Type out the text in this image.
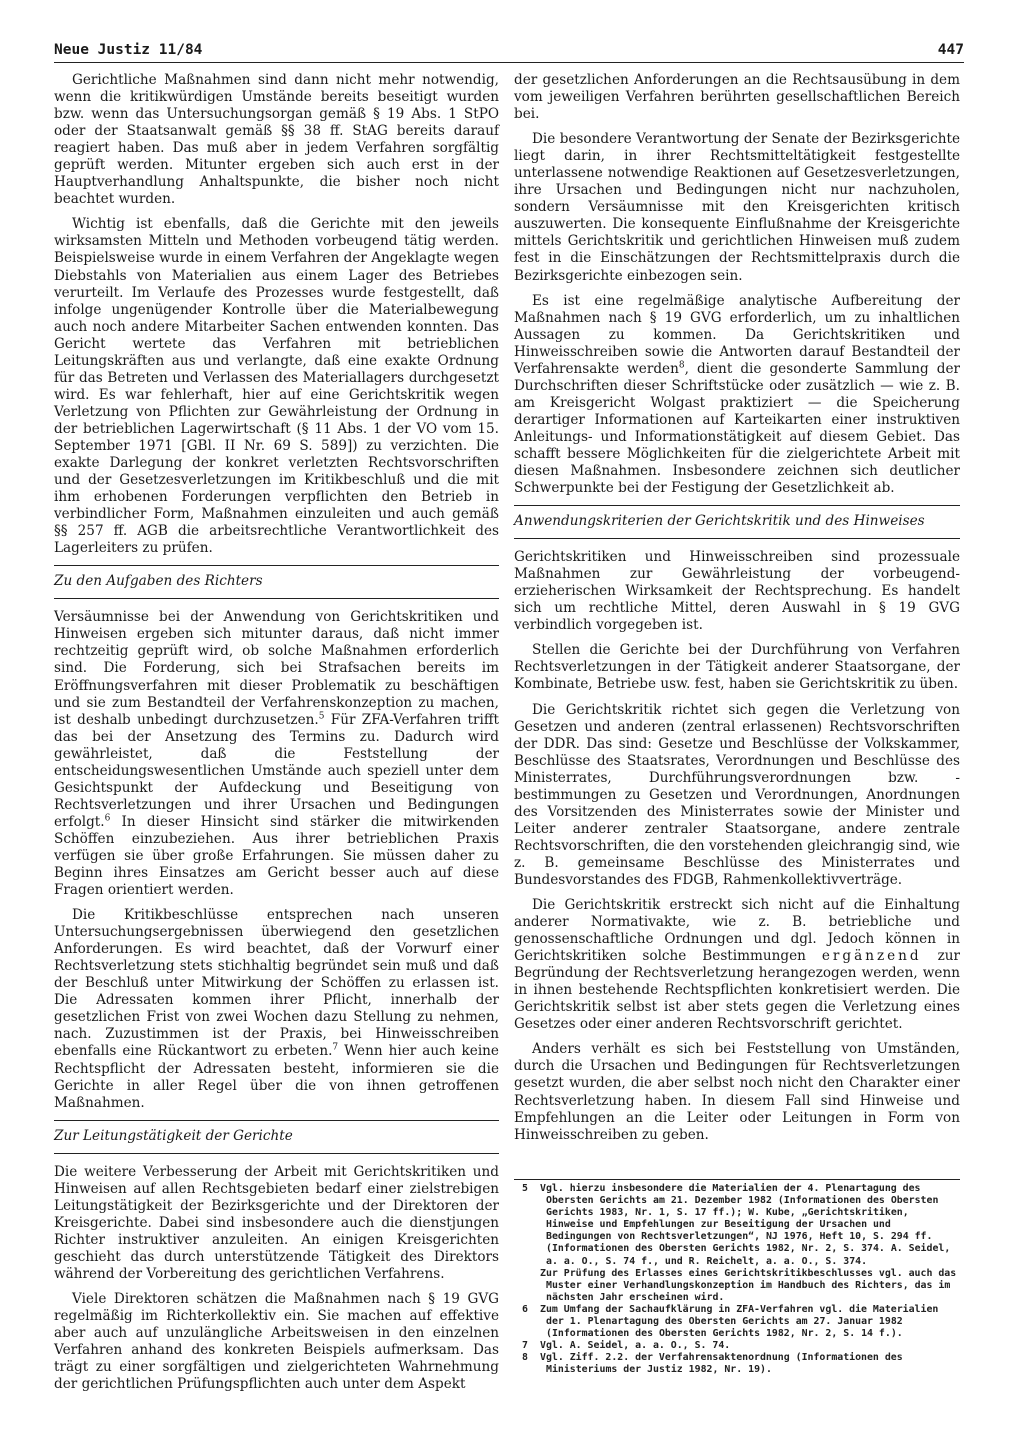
Neue Justiz 11/84	447

Gerichtliche Maßnahmen sind dann nicht mehr notwendig, wenn die kritikwürdigen Umstände bereits beseitigt wurden bzw. wenn das Untersuchungsorgan gemäß § 19 Abs. 1 StPO oder der Staatsanwalt gemäß §§ 38 ff. StAG bereits darauf reagiert haben. Das muß aber in jedem Verfahren sorgfältig geprüft werden. Mitunter ergeben sich auch erst in der Hauptverhandlung Anhaltspunkte, die bisher noch nicht beachtet wurden.

Wichtig ist ebenfalls, daß die Gerichte mit den jeweils wirksamsten Mitteln und Methoden vorbeugend tätig werden. Beispielsweise wurde in einem Verfahren der Angeklagte wegen Diebstahls von Materialien aus einem Lager des Betriebes verurteilt. Im Verlaufe des Prozesses wurde festgestellt, daß infolge ungenügender Kontrolle über die Materialbewegung auch noch andere Mitarbeiter Sachen entwenden konnten. Das Gericht wertete das Verfahren mit betrieblichen Leitungskräften aus und verlangte, daß eine exakte Ordnung für das Betreten und Verlassen des Materiallagers durchgesetzt wird. Es war fehlerhaft, hier auf eine Gerichtskritik wegen Verletzung von Pflichten zur Gewährleistung der Ordnung in der betrieblichen Lagerwirtschaft (§ 11 Abs. 1 der VO vom 15. September 1971 [GBl. II Nr. 69 S. 589]) zu verzichten. Die exakte Darlegung der konkret verletzten Rechtsvorschriften und der Gesetzesverletzungen im Kritikbeschluß und die mit ihm erhobenen Forderungen verpflichten den Betrieb in verbindlicher Form, Maßnahmen einzuleiten und auch gemäß §§ 257 ff. AGB die arbeitsrechtliche Verantwortlichkeit des Lagerleiters zu prüfen.

Zu den Aufgaben des Richters

Versäumnisse bei der Anwendung von Gerichtskritiken und Hinweisen ergeben sich mitunter daraus, daß nicht immer rechtzeitig geprüft wird, ob solche Maßnahmen erforderlich sind. Die Forderung, sich bei Strafsachen bereits im Eröffnungsverfahren mit dieser Problematik zu beschäftigen und sie zum Bestandteil der Verfahrenskonzeption zu machen, ist deshalb unbedingt durchzusetzen.$^5$ Für ZFA-Verfahren trifft das bei der Ansetzung des Termins zu. Dadurch wird gewährleistet, daß die Feststellung der entscheidungswesentlichen Umstände auch speziell unter dem Gesichtspunkt der Aufdeckung und Beseitigung von Rechtsverletzungen und ihrer Ursachen und Bedingungen erfolgt.$^6$ In dieser Hinsicht sind stärker die mitwirkenden Schöffen einzubeziehen. Aus ihrer betrieblichen Praxis verfügen sie über große Erfahrungen. Sie müssen daher zu Beginn ihres Einsatzes am Gericht besser auch auf diese Fragen orientiert werden.

Die Kritikbeschlüsse entsprechen nach unseren Untersuchungsergebnissen überwiegend den gesetzlichen Anforderungen. Es wird beachtet, daß der Vorwurf einer Rechtsverletzung stets stichhaltig begründet sein muß und daß der Beschluß unter Mitwirkung der Schöffen zu erlassen ist. Die Adressaten kommen ihrer Pflicht, innerhalb der gesetzlichen Frist von zwei Wochen dazu Stellung zu nehmen, nach. Zuzustimmen ist der Praxis, bei Hinweisschreiben ebenfalls eine Rückantwort zu erbeten.$^7$ Wenn hier auch keine Rechtspflicht der Adressaten besteht, informieren sie die Gerichte in aller Regel über die von ihnen getroffenen Maßnahmen.

Zur Leitungstätigkeit der Gerichte

Die weitere Verbesserung der Arbeit mit Gerichtskritiken und Hinweisen auf allen Rechtsgebieten bedarf einer zielstrebigen Leitungstätigkeit der Bezirksgerichte und der Direktoren der Kreisgerichte. Dabei sind insbesondere auch die dienstjungen Richter instruktiver anzuleiten. An einigen Kreisgerichten geschieht das durch unterstützende Tätigkeit des Direktors während der Vorbereitung des gerichtlichen Verfahrens.

Viele Direktoren schätzen die Maßnahmen nach § 19 GVG regelmäßig im Richterkollektiv ein. Sie machen auf effektive aber auch auf unzulängliche Arbeitsweisen in den einzelnen Verfahren anhand des konkreten Beispiels aufmerksam. Das trägt zu einer sorgfältigen und zielgerichteten Wahrnehmung der gerichtlichen Prüfungspflichten auch unter dem Aspekt

der gesetzlichen Anforderungen an die Rechtsausübung in dem vom jeweiligen Verfahren berührten gesellschaftlichen Bereich bei.

Die besondere Verantwortung der Senate der Bezirksgerichte liegt darin, in ihrer Rechtsmitteltätigkeit festgestellte unterlassene notwendige Reaktionen auf Gesetzesverletzungen, ihre Ursachen und Bedingungen nicht nur nachzuholen, sondern Versäumnisse mit den Kreisgerichten kritisch auszuwerten. Die konsequente Einflußnahme der Kreisgerichte mittels Gerichtskritik und gerichtlichen Hinweisen muß zudem fest in die Einschätzungen der Rechtsmittelpraxis durch die Bezirksgerichte einbezogen sein.

Es ist eine regelmäßige analytische Aufbereitung der Maßnahmen nach § 19 GVG erforderlich, um zu inhaltlichen Aussagen zu kommen. Da Gerichtskritiken und Hinweisschreiben sowie die Antworten darauf Bestandteil der Verfahrensakte werden$^8$, dient die gesonderte Sammlung der Durchschriften dieser Schriftstücke oder zusätzlich — wie z. B. am Kreisgericht Wolgast praktiziert — die Speicherung derartiger Informationen auf Karteikarten einer instruktiven Anleitungs- und Informationstätigkeit auf diesem Gebiet. Das schafft bessere Möglichkeiten für die zielgerichtete Arbeit mit diesen Maßnahmen. Insbesondere zeichnen sich deutlicher Schwerpunkte bei der Festigung der Gesetzlichkeit ab.

Anwendungskriterien der Gerichtskritik und des Hinweises

Gerichtskritiken und Hinweisschreiben sind prozessuale Maßnahmen zur Gewährleistung der vorbeugend-erzieherischen Wirksamkeit der Rechtsprechung. Es handelt sich um rechtliche Mittel, deren Auswahl in § 19 GVG verbindlich vorgegeben ist.

Stellen die Gerichte bei der Durchführung von Verfahren Rechtsverletzungen in der Tätigkeit anderer Staatsorgane, der Kombinate, Betriebe usw. fest, haben sie Gerichtskritik zu üben.

Die Gerichtskritik richtet sich gegen die Verletzung von Gesetzen und anderen (zentral erlassenen) Rechtsvorschriften der DDR. Das sind: Gesetze und Beschlüsse der Volkskammer, Beschlüsse des Staatsrates, Verordnungen und Beschlüsse des Ministerrates, Durchführungsverordnungen bzw. -bestimmungen zu Gesetzen und Verordnungen, Anordnungen des Vorsitzenden des Ministerrates sowie der Minister und Leiter anderer zentraler Staatsorgane, andere zentrale Rechtsvorschriften, die den vorstehenden gleichrangig sind, wie z. B. gemeinsame Beschlüsse des Ministerrates und Bundesvorstandes des FDGB, Rahmenkollektivverträge.

Die Gerichtskritik erstreckt sich nicht auf die Einhaltung anderer Normativakte, wie z. B. betriebliche und genossenschaftliche Ordnungen und dgl. Jedoch können in Gerichtskritiken solche Bestimmungen ergänzend zur Begründung der Rechtsverletzung herangezogen werden, wenn in ihnen bestehende Rechtspflichten konkretisiert werden. Die Gerichtskritik selbst ist aber stets gegen die Verletzung eines Gesetzes oder einer anderen Rechtsvorschrift gerichtet.

Anders verhält es sich bei Feststellung von Umständen, durch die Ursachen und Bedingungen für Rechtsverletzungen gesetzt wurden, die aber selbst noch nicht den Charakter einer Rechtsverletzung haben. In diesem Fall sind Hinweise und Empfehlungen an die Leiter oder Leitungen in Form von Hinweisschreiben zu geben.

5 Vgl. hierzu insbesondere die Materialien der 4. Plenartagung des Obersten Gerichts am 21. Dezember 1982 (Informationen des Obersten Gerichts 1983, Nr. 1, S. 17 ff.); W. Kube, „Gerichtskritiken, Hinweise und Empfehlungen zur Beseitigung der Ursachen und Bedingungen von Rechtsverletzungen“, NJ 1976, Heft 10, S. 294 ff. (Informationen des Obersten Gerichts 1982, Nr. 2, S. 374. A. Seidel, a. a. O., S. 74 f., und R. Reichelt, a. a. O., S. 374.
Zur Prüfung des Erlasses eines Gerichtskritikbeschlusses vgl. auch das Muster einer Verhandlungskonzeption im Handbuch des Richters, das im nächsten Jahr erscheinen wird.
6 Zum Umfang der Sachaufklärung in ZFA-Verfahren vgl. die Materialien der 1. Plenartagung des Obersten Gerichts am 27. Januar 1982 (Informationen des Obersten Gerichts 1982, Nr. 2, S. 14 f.).
7 Vgl. A. Seidel, a. a. O., S. 74.
8 Vgl. Ziff. 2.2. der Verfahrensaktenordnung (Informationen des Ministeriums der Justiz 1982, Nr. 19).
